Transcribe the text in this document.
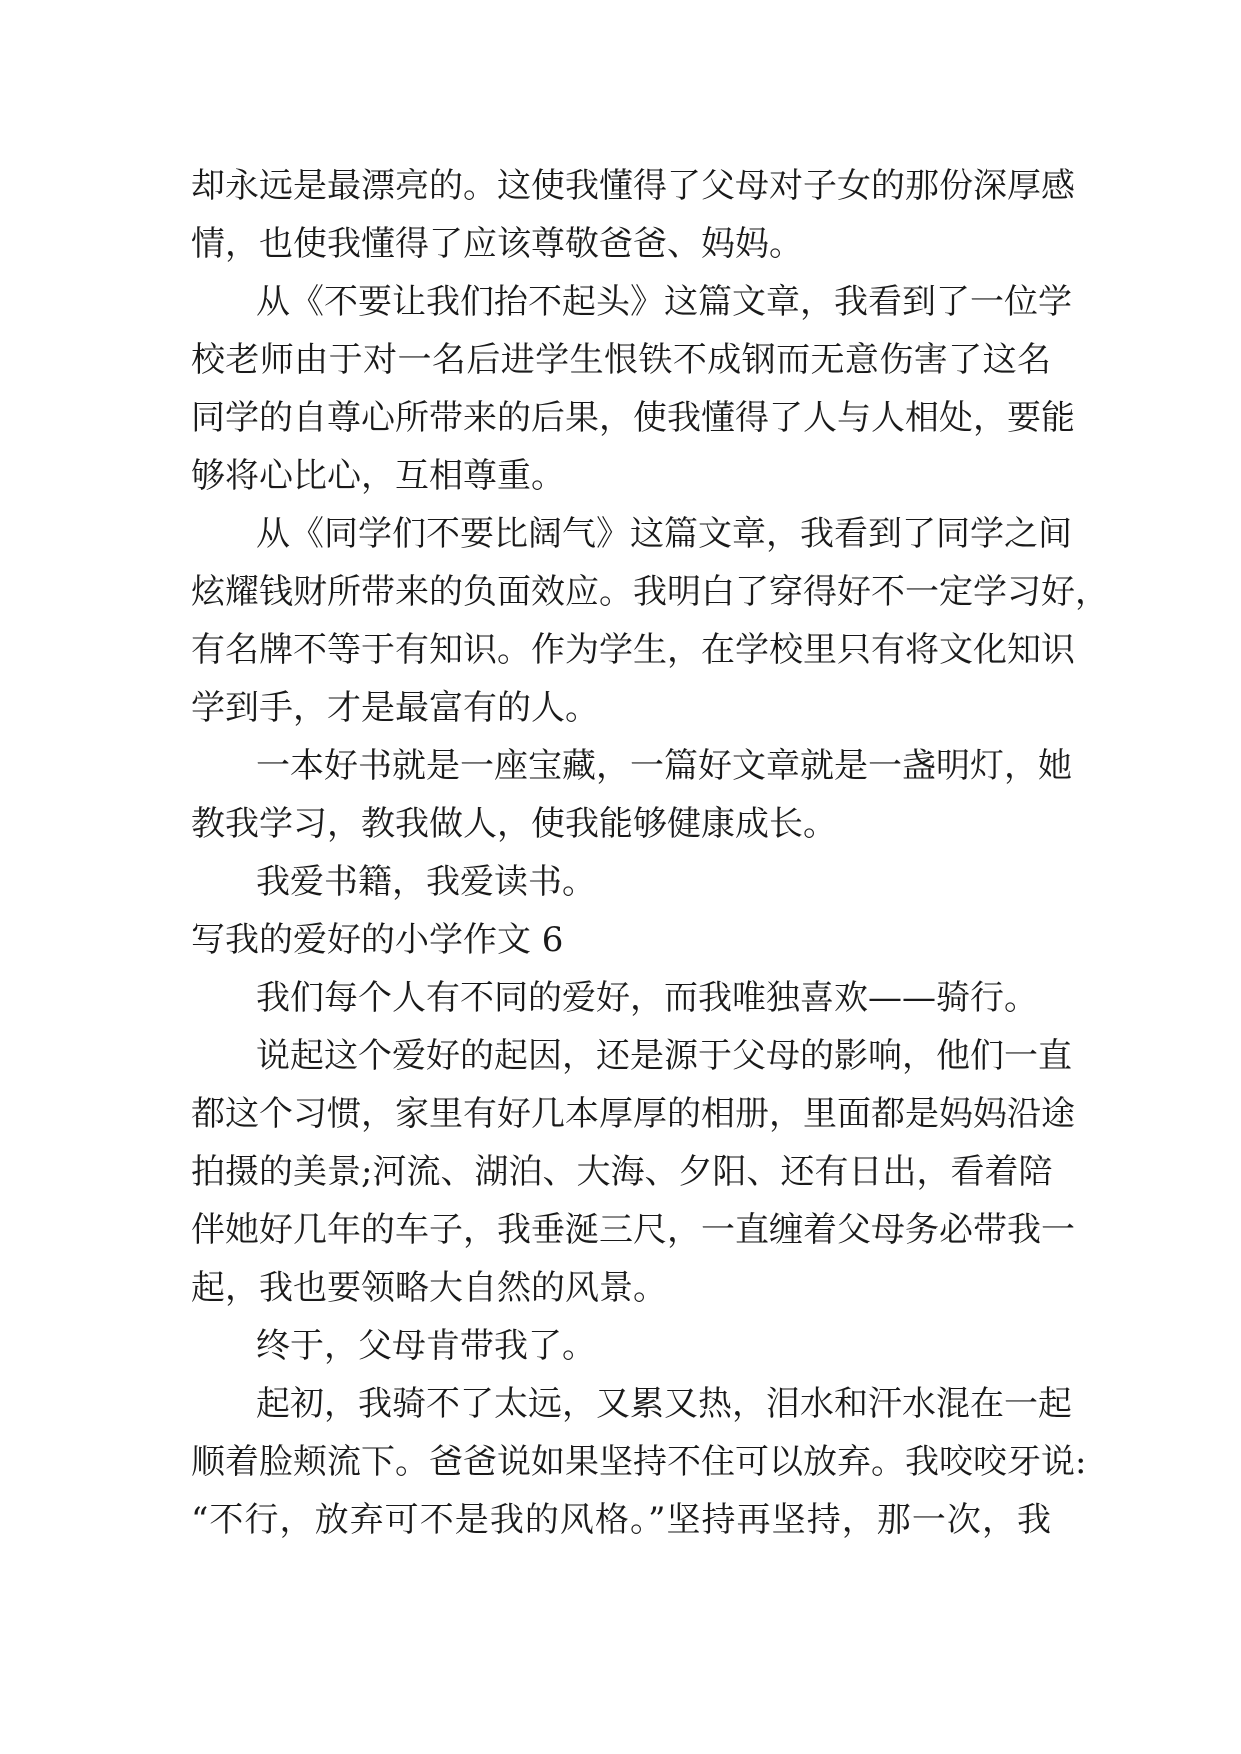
却永远是最漂亮的。这使我懂得了父母对子女的那份深厚感
情，也使我懂得了应该尊敬爸爸、妈妈。
从《不要让我们抬不起头》这篇文章，我看到了一位学
校老师由于对一名后进学生恨铁不成钢而无意伤害了这名
同学的自尊心所带来的后果，使我懂得了人与人相处，要能
够将心比心，互相尊重。
从《同学们不要比阔气》这篇文章，我看到了同学之间
炫耀钱财所带来的负面效应。我明白了穿得好不一定学习好，
有名牌不等于有知识。作为学生，在学校里只有将文化知识
学到手，才是最富有的人。
一本好书就是一座宝藏，一篇好文章就是一盏明灯，她
教我学习，教我做人，使我能够健康成长。
我爱书籍，我爱读书。
写我的爱好的小学作文 6
我们每个人有不同的爱好，而我唯独喜欢——骑行。
说起这个爱好的起因，还是源于父母的影响，他们一直
都这个习惯，家里有好几本厚厚的相册，里面都是妈妈沿途
拍摄的美景;河流、湖泊、大海、夕阳、还有日出，看着陪
伴她好几年的车子，我垂涎三尺，一直缠着父母务必带我一
起，我也要领略大自然的风景。
终于，父母肯带我了。
起初，我骑不了太远，又累又热，泪水和汗水混在一起
顺着脸颊流下。爸爸说如果坚持不住可以放弃。我咬咬牙说:
“不行，放弃可不是我的风格。”坚持再坚持，那一次，我
